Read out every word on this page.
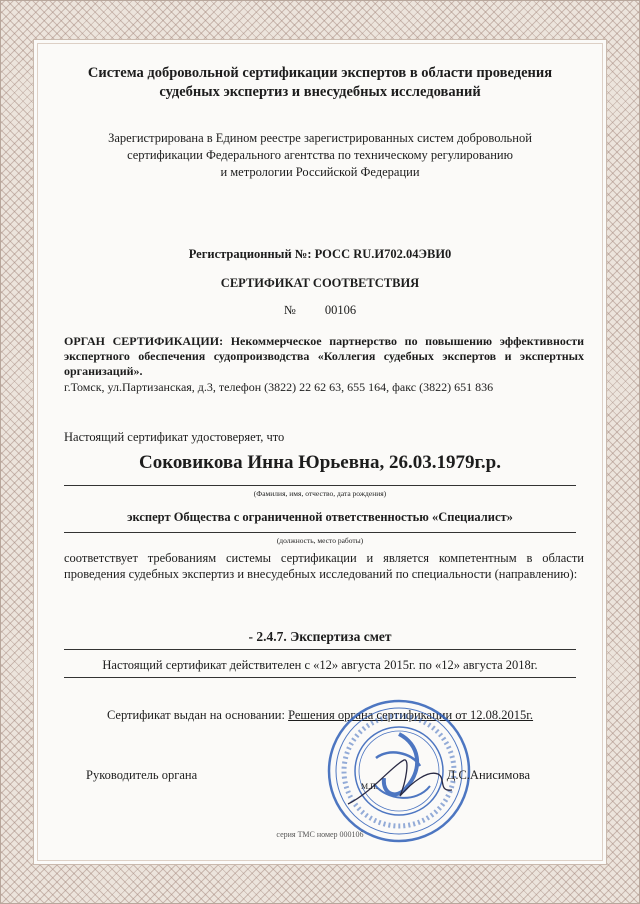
Система добровольной сертификации экспертов в области проведения
судебных экспертиз и внесудебных исследований
Зарегистрирована в Едином реестре зарегистрированных систем добровольной
сертификации Федерального агентства по техническому регулированию
и метрологии Российской Федерации
Регистрационный №: РОСС RU.И702.04ЭВИ0
СЕРТИФИКАТ СООТВЕТСТВИЯ
№ 00106
ОРГАН СЕРТИФИКАЦИИ: Некоммерческое партнерство по повышению эффективности экспертного обеспечения судопроизводства «Коллегия судебных экспертов и экспертных организаций».
г.Томск, ул.Партизанская, д.3, телефон (3822) 22 62 63, 655 164, факс (3822) 651 836
Настоящий сертификат удостоверяет, что
Соковикова Инна Юрьевна, 26.03.1979г.р.
(Фамилия, имя, отчество, дата рождения)
эксперт Общества с ограниченной ответственностью «Специалист»
(должность, место работы)
соответствует требованиям системы сертификации и является компетентным в области проведения судебных экспертиз и внесудебных исследований по специальности (направлению):
- 2.4.7. Экспертиза смет
Настоящий сертификат действителен с «12» августа 2015г. по «12» августа 2018г.
Сертификат выдан на основании: Решения органа сертификации от 12.08.2015г.
Руководитель органа
М.П.
Д.С.Анисимова
серия ТМС номер 000106
